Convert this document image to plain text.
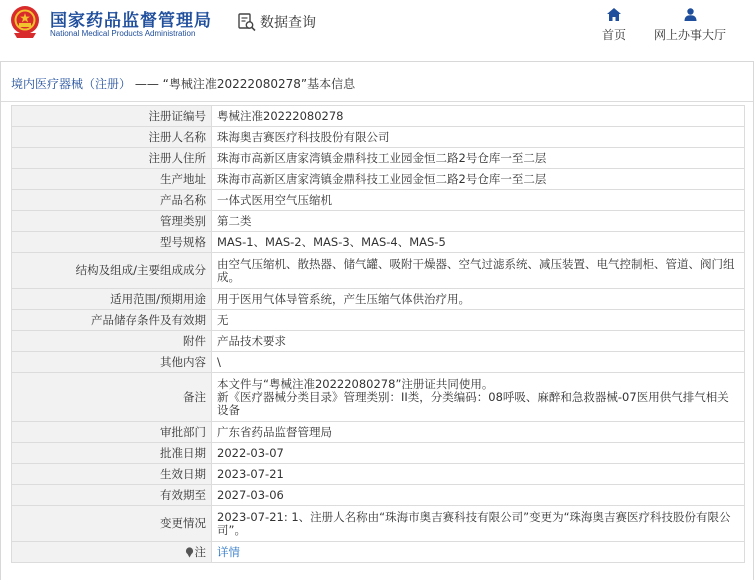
国家药品监督管理局
National Medical Products Administration
数据查询
首页 网上办事大厅
境内医疗器械（注册） —— “粤械注准20222080278”基本信息
注册证编号	粤械注准20222080278
注册人名称	珠海奥吉赛医疗科技股份有限公司
注册人住所	珠海市高新区唐家湾镇金鼎科技工业园金恒二路2号仓库一至二层
生产地址	珠海市高新区唐家湾镇金鼎科技工业园金恒二路2号仓库一至二层
产品名称	一体式医用空气压缩机
管理类别	第二类
型号规格	MAS-1、MAS-2、MAS-3、MAS-4、MAS-5
结构及组成/主要组成成分	由空气压缩机、散热器、储气罐、吸附干燥器、空气过滤系统、减压装置、电气控制柜、管道、阀门组成。
适用范围/预期用途	用于医用气体导管系统，产生压缩气体供治疗用。
产品储存条件及有效期	无
附件	产品技术要求
其他内容	\
备注	本文件与“粤械注准20222080278”注册证共同使用。
新《医疗器械分类目录》管理类别：II类，分类编码：08呼吸、麻醉和急救器械-07医用供气排气相关设备

审批部门	广东省药品监督管理局
批准日期	2022-03-07
生效日期	2023-07-21
有效期至	2027-03-06
变更情况	2023-07-21: 1、注册人名称由“珠海市奥吉赛科技有限公司”变更为“珠海奥吉赛医疗科技股份有限公司”。
注	详情
